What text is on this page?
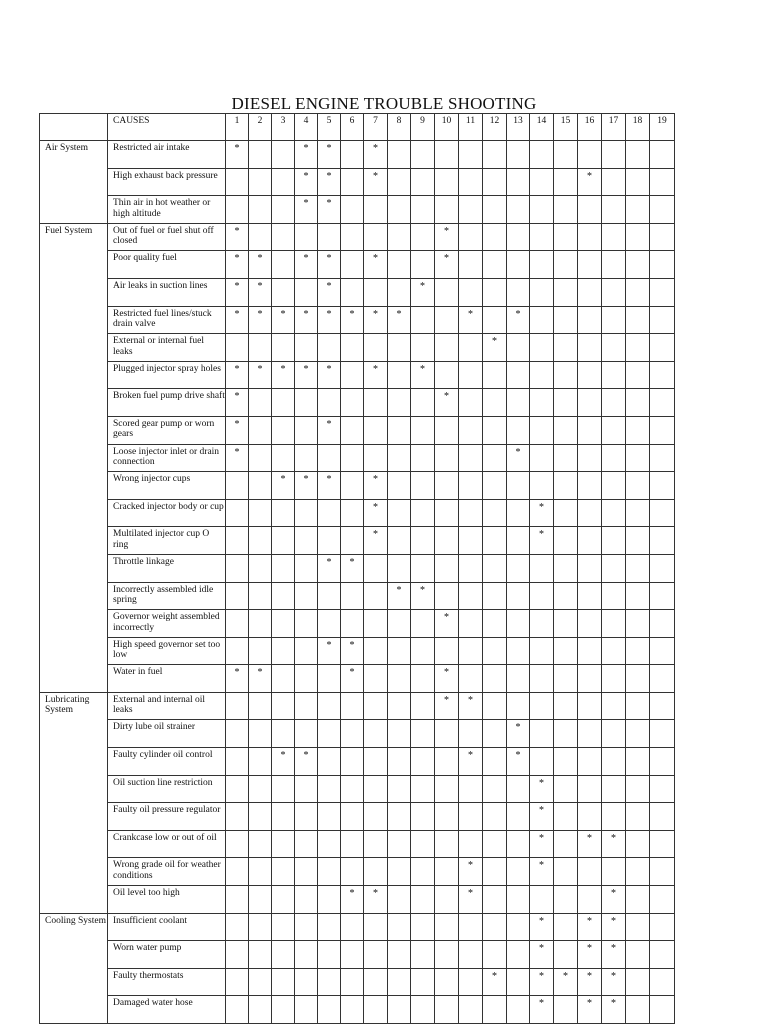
DIESEL ENGINE TROUBLE SHOOTING
	CAUSES	1	2	3	4	5	6	7	8	9	10	11	12	13	14	15	16	17	18	19
Air System	Restricted air intake	*			*	*		*												
	High exhaust back pressure				*	*		*									*			
	Thin air in hot weather or high altitude				*	*														
Fuel System	Out of fuel or fuel shut off closed	*									*									
	Poor quality fuel	*	*		*	*		*			*									
	Air leaks in suction lines	*	*			*				*										
	Restricted fuel lines/stuck drain valve	*	*	*	*	*	*	*	*			*		*						
	External or internal fuel leaks												*							
	Plugged injector spray holes	*	*	*	*	*		*		*										
	Broken fuel pump drive shaft	*									*									
	Scored gear pump or worn gears	*				*														
	Loose injector inlet or drain connection	*												*						
	Wrong injector cups			*	*	*		*												
	Cracked injector body or cup							*							*					
	Multilated injector cup O ring							*							*					
	Throttle linkage					*	*													
	Incorrectly assembled idle spring								*	*										
	Governor weight assembled incorrectly										*									
	High speed governor set too low					*	*													
	Water in fuel	*	*				*				*									
Lubricating System	External and internal oil leaks										*	*								
	Dirty lube oil strainer													*						
	Faulty cylinder oil control			*	*							*		*						
	Oil suction line restriction														*					
	Faulty oil pressure regulator														*					
	Crankcase low or out of oil														*		*	*		
	Wrong grade oil for weather conditions											*			*					
	Oil level too high						*	*				*						*		
Cooling System	Insufficient coolant														*		*	*		
	Worn water pump														*		*	*		
	Faulty thermostats												*		*	*	*	*		
	Damaged water hose														*		*	*		
